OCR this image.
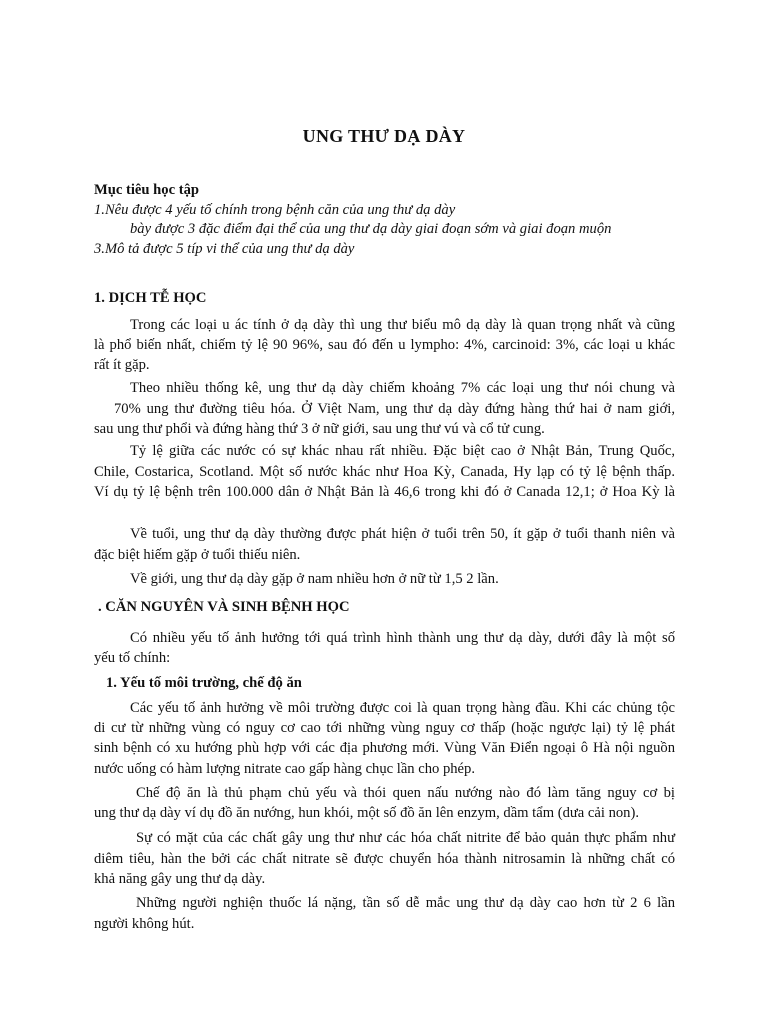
UNG THƯ DẠ DÀY
Mục tiêu học tập
1.Nêu được 4 yếu tố chính trong bệnh căn của ung thư dạ dày
bày được 3 đặc điểm đại thể của ung thư dạ dày giai đoạn sớm và giai đoạn muộn
3.Mô tả được 5 típ vi thể của ung thư dạ dày
1. DỊCH TỄ HỌC
Trong các loại u ác tính ở dạ dày thì ung thư biểu mô dạ dày là quan trọng nhất và cũng
là phổ biến nhất, chiếm tỷ lệ 90 96%, sau đó đến u lympho: 4%, carcinoid: 3%, các loại u khác
rất ít gặp.
Theo nhiều thống kê, ung thư dạ dày chiếm khoảng 7% các loại ung thư nói chung và
70% ung thư đường tiêu hóa. Ở Việt Nam, ung thư dạ dày đứng hàng thứ hai ở nam giới,
sau ung thư phổi và đứng hàng thứ 3 ở nữ giới, sau ung thư vú và cổ tử cung.
Tỷ lệ giữa các nước có sự khác nhau rất nhiều. Đặc biệt cao ở Nhật Bản, Trung Quốc,
Chile, Costarica, Scotland. Một số nước khác như Hoa Kỳ, Canada, Hy lạp có tỷ lệ bệnh thấp.
Ví dụ tỷ lệ bệnh trên 100.000 dân ở Nhật Bản là 46,6 trong khi đó ở Canada 12,1; ở Hoa Kỳ là
Về tuổi, ung thư dạ dày thường được phát hiện ở tuổi trên 50, ít gặp ở tuổi thanh niên và
đặc biệt hiếm gặp ở tuổi thiếu niên.
Về giới, ung thư dạ dày gặp ở nam nhiều hơn ở nữ từ 1,5 2 lần.
. CĂN NGUYÊN VÀ SINH BỆNH HỌC
Có nhiều yếu tố ảnh hưởng tới quá trình hình thành ung thư dạ dày, dưới đây là một số
yếu tố chính:
1. Yếu tố môi trường, chế độ ăn
Các yếu tố ảnh hưởng về môi trường được coi là quan trọng hàng đầu. Khi các chủng tộc
di cư từ những vùng có nguy cơ cao tới những vùng nguy cơ thấp (hoặc ngược lại) tỷ lệ phát
sinh bệnh có xu hướng phù hợp với các địa phương mới. Vùng Văn Điển ngoại ô Hà nội nguồn
nước uống có hàm lượng nitrate cao gấp hàng chục lần cho phép.
Chế độ ăn là thủ phạm chủ yếu và thói quen nấu nướng nào đó làm tăng nguy cơ bị
ung thư dạ dày ví dụ đồ ăn nướng, hun khói, một số đồ ăn lên enzym, dầm tẩm (dưa cải non).
Sự có mặt của các chất gây ung thư như các hóa chất nitrite để bảo quản thực phẩm như
diêm tiêu, hàn the bởi các chất nitrate sẽ được chuyển hóa thành nitrosamin là những chất có
khả năng gây ung thư dạ dày.
Những người nghiện thuốc lá nặng, tần số dễ mắc ung thư dạ dày cao hơn từ 2 6 lần
người không hút.
